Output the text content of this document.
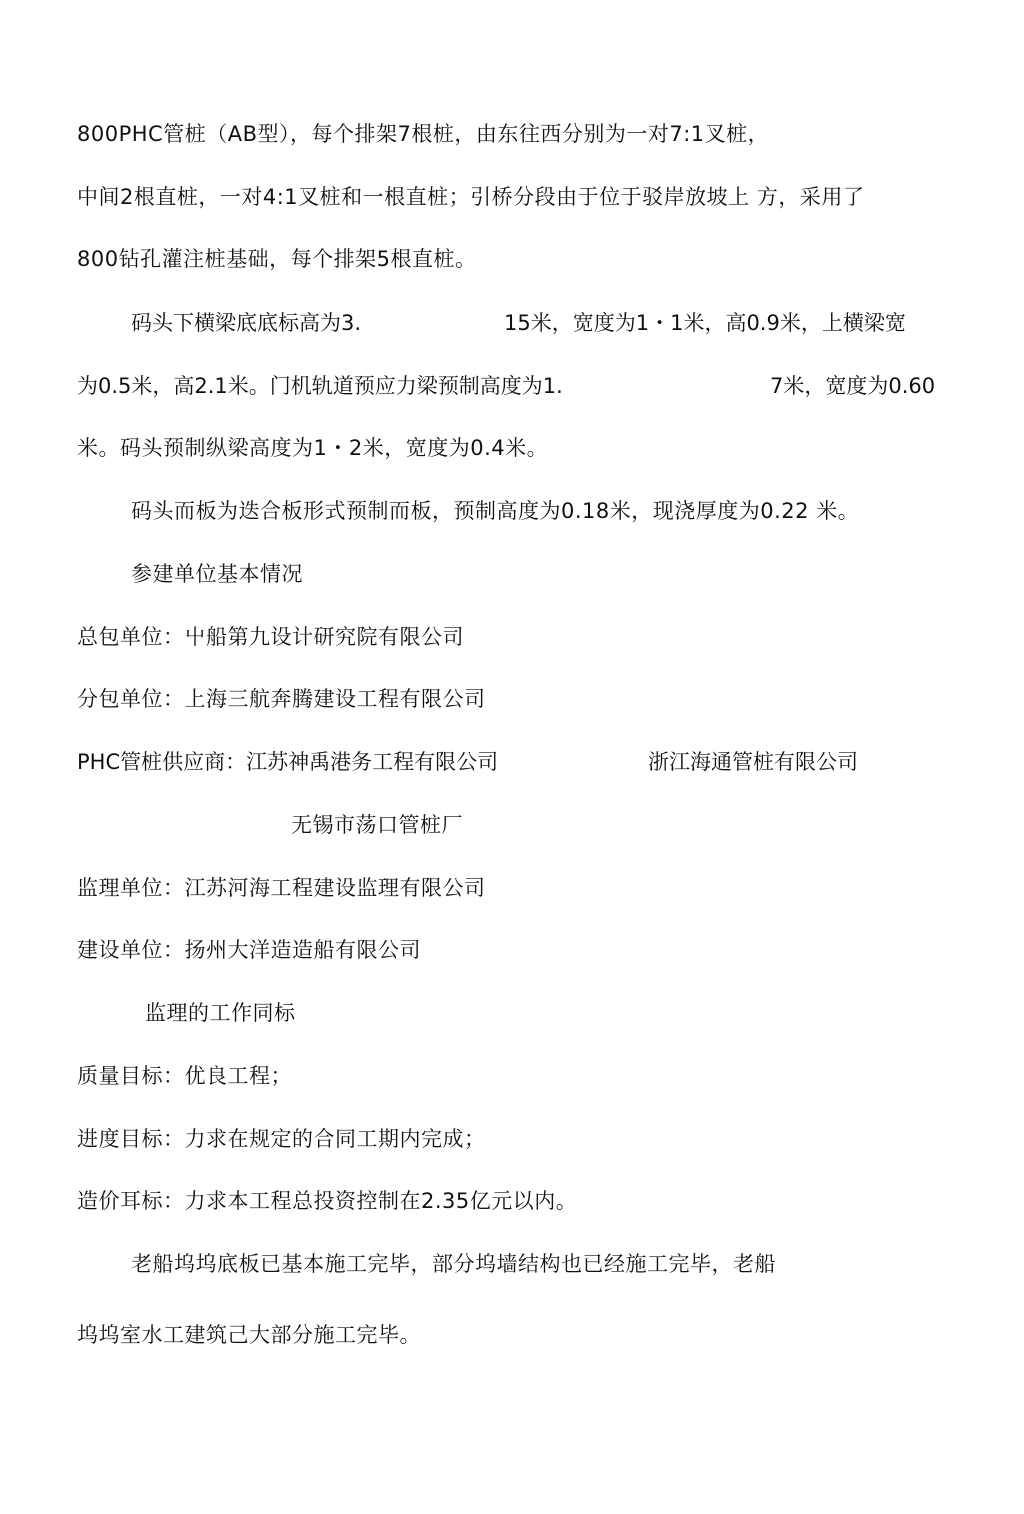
800PHC管桩（AB型），每个排架7根桩，由东往西分别为一对7:1叉桩，
中间2根直桩，一对4:1叉桩和一根直桩；引桥分段由于位于驳岸放坡上 方，采用了
800钻孔灌注桩基础，每个排架5根直桩。
码头下横梁底底标高为3.	15米，宽度为1・1米，高0.9米，上横梁宽
为0.5米，高2.1米。门机轨道预应力梁预制高度为1.	7米，宽度为0.60
米。码头预制纵梁高度为1・2米，宽度为0.4米。
码头而板为迭合板形式预制而板，预制高度为0.18米，现浇厚度为0.22 米。
参建单位基本情况
总包单位：屮船第九设计研究院有限公司
分包单位：上海三航奔腾建设工程有限公司
PHC管桩供应商：江苏神禹港务工程有限公司	浙江海通管桩有限公司
无锡市荡口管桩厂
监理单位：江苏河海工程建设监理有限公司
建设单位：扬州大洋造造船有限公司
监理的工作同标
质量目标：优良工程；
进度目标：力求在规定的合同工期内完成；
造价耳标：力求本工程总投资控制在2.35亿元以内。
老船坞坞底板已基本施工完毕，部分坞墙结构也已经施工完毕，老船
坞坞室水工建筑己大部分施工完毕。
